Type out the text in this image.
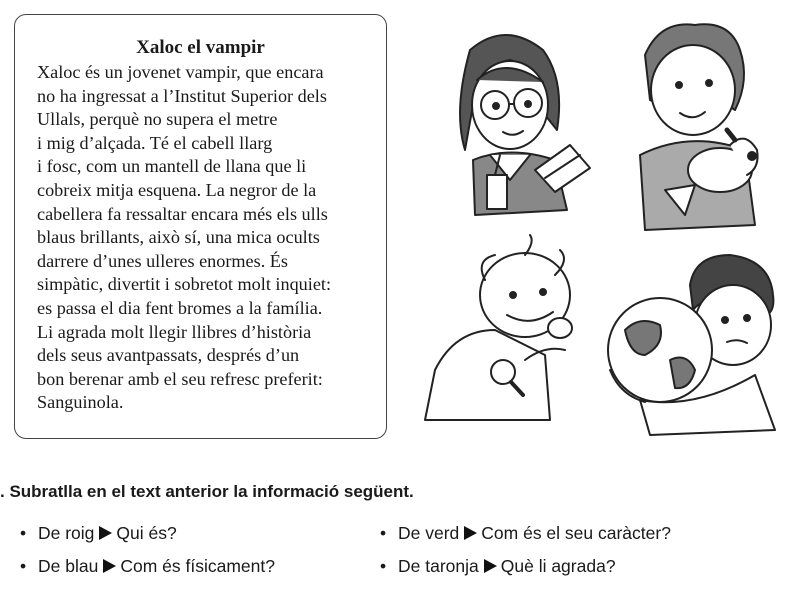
Xaloc el vampir
Xaloc és un jovenet vampir, que encara
no ha ingressat a l’Institut Superior dels
Ullals, perquè no supera el metre
i mig d’alçada. Té el cabell llarg
i fosc, com un mantell de llana que li
cobreix mitja esquena. La negror de la
cabellera fa ressaltar encara més els ulls
blaus brillants, això sí, una mica ocults
darrere d’unes ulleres enormes. És
simpàtic, divertit i sobretot molt inquiet:
es passa el dia fent bromes a la família.
Li agrada molt llegir llibres d’història
dels seus avantpassats, després d’un
bon berenar amb el seu refresc preferit:
Sanguinola.
. Subratlla en el text anterior la informació següent.
• De roig Qui és?
• De blau Com és físicament?
• De verd Com és el seu caràcter?
• De taronja Què li agrada?
